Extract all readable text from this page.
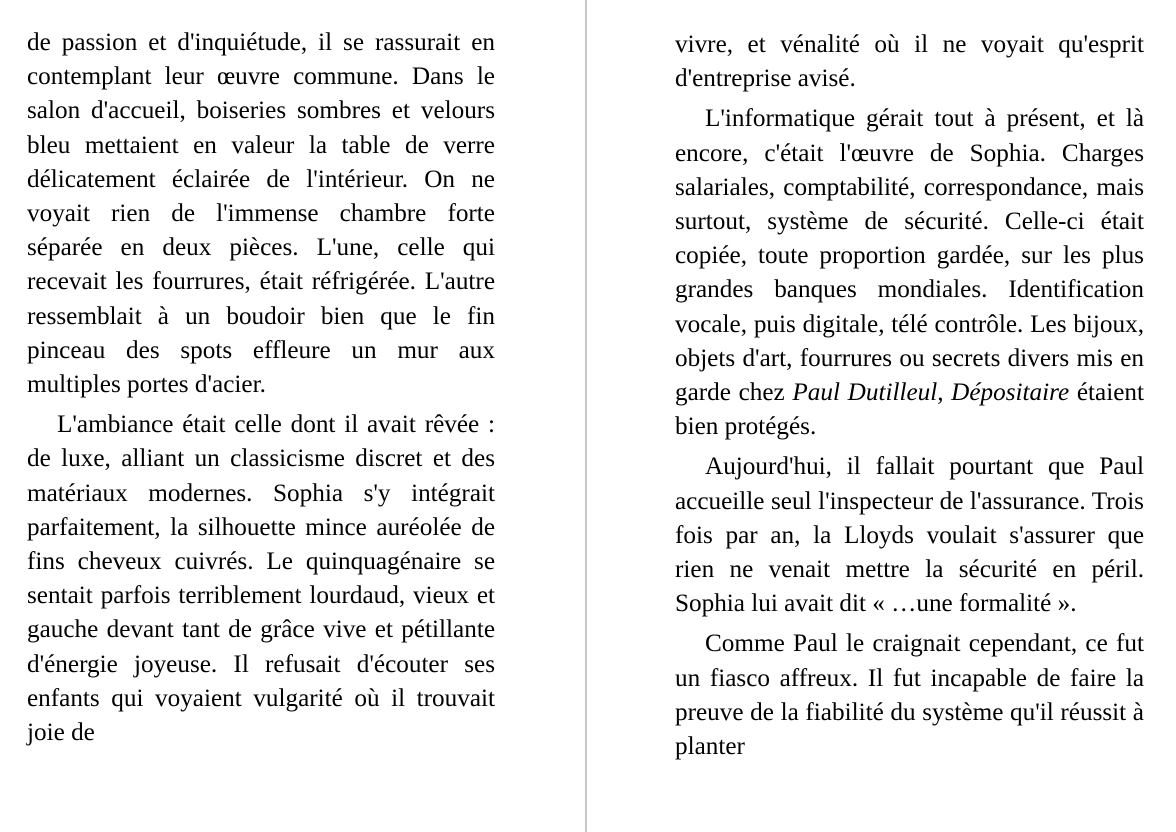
de passion et d'inquiétude, il se rassurait en contemplant leur œuvre commune. Dans le salon d'accueil, boiseries sombres et velours bleu mettaient en valeur la table de verre délicatement éclairée de l'intérieur. On ne voyait rien de l'immense chambre forte séparée en deux pièces. L'une, celle qui recevait les fourrures, était réfrigérée. L'autre ressemblait à un boudoir bien que le fin pinceau des spots effleure un mur aux multiples portes d'acier.

L'ambiance était celle dont il avait rêvée : de luxe, alliant un classicisme discret et des matériaux modernes. Sophia s'y intégrait parfaitement, la silhouette mince auréolée de fins cheveux cuivrés. Le quinquagénaire se sentait parfois terriblement lourdaud, vieux et gauche devant tant de grâce vive et pétillante d'énergie joyeuse. Il refusait d'écouter ses enfants qui voyaient vulgarité où il trouvait joie de

vivre, et vénalité où il ne voyait qu'esprit d'entreprise avisé.

L'informatique gérait tout à présent, et là encore, c'était l'œuvre de Sophia. Charges salariales, comptabilité, correspondance, mais surtout, système de sécurité. Celle-ci était copiée, toute proportion gardée, sur les plus grandes banques mondiales. Identification vocale, puis digitale, télé contrôle. Les bijoux, objets d'art, fourrures ou secrets divers mis en garde chez Paul Dutilleul, Dépositaire étaient bien protégés.

Aujourd'hui, il fallait pourtant que Paul accueille seul l'inspecteur de l'assurance. Trois fois par an, la Lloyds voulait s'assurer que rien ne venait mettre la sécurité en péril. Sophia lui avait dit « …une formalité ».

Comme Paul le craignait cependant, ce fut un fiasco affreux. Il fut incapable de faire la preuve de la fiabilité du système qu'il réussit à planter
